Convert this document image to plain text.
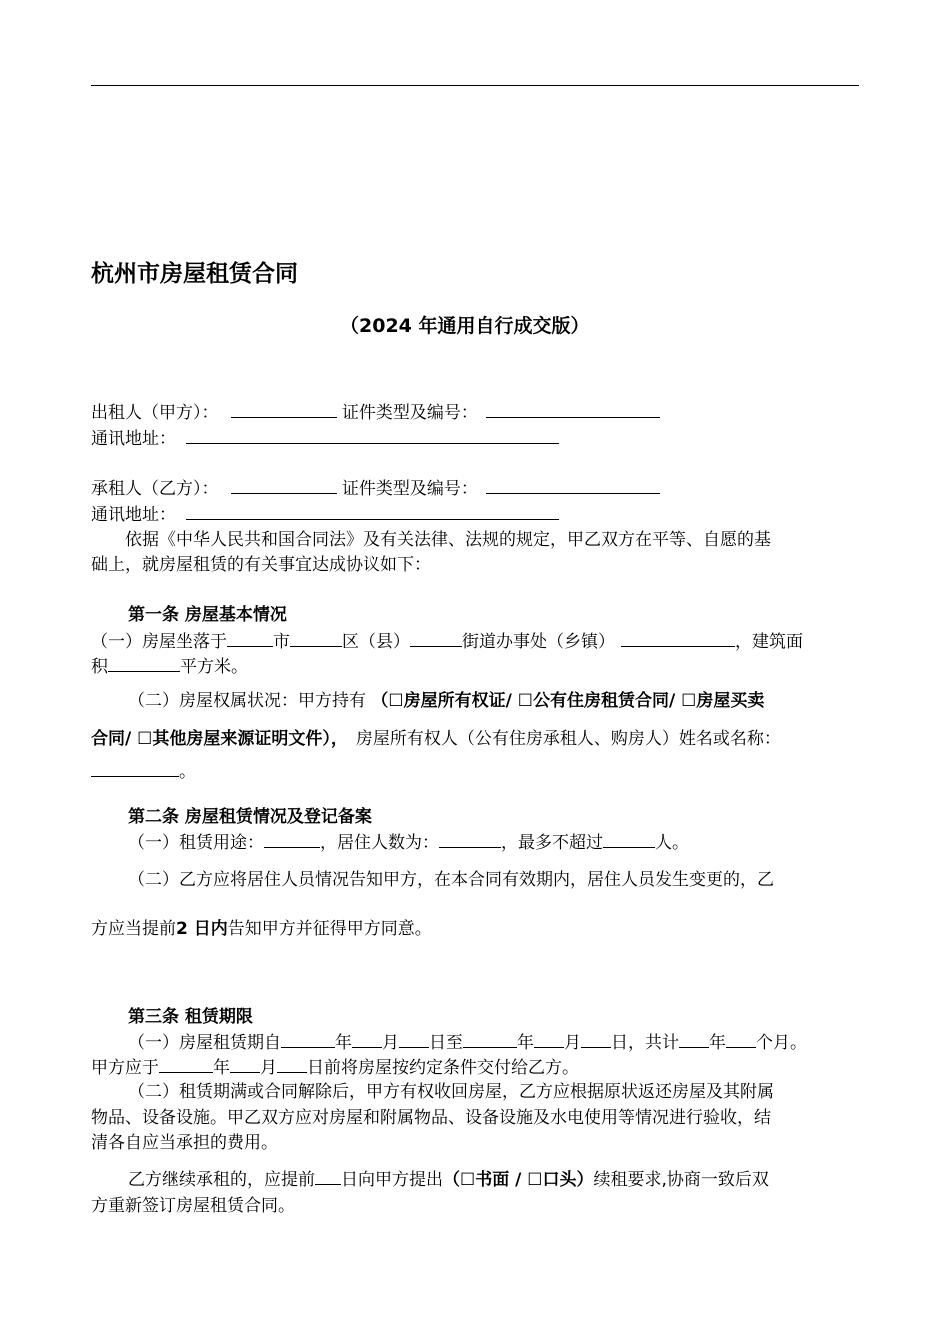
杭州市房屋租赁合同
（2024 年通用自行成交版）
出租人（甲方）：	证件类型及编号：
通讯地址：
承租人（乙方）：	证件类型及编号：
通讯地址：
依据《中华人民共和国合同法》及有关法律、法规的规定，甲乙双方在平等、自愿的基
础上，就房屋租赁的有关事宜达成协议如下：
第一条 房屋基本情况
（一）房屋坐落于	市	区（县）	街道办事处（乡镇）	，建筑面
积	平方米。
（二）房屋权属状况：甲方持有 （☐房屋所有权证/ ☐公有住房租赁合同/ ☐房屋买卖
合同/ ☐其他房屋来源证明文件）， 房屋所有权人（公有住房承租人、购房人）姓名或名称：
。
第二条 房屋租赁情况及登记备案
（一）租赁用途：	，居住人数为：	，最多不超过	人。
（二）乙方应将居住人员情况告知甲方，在本合同有效期内，居住人员发生变更的，乙
方应当提前2 日内告知甲方并征得甲方同意。
第三条 租赁期限
（一）房屋租赁期自	年 月 日至	年 月 日，共计 年 个月。
甲方应于	年 月 日前将房屋按约定条件交付给乙方。
（二）租赁期满或合同解除后，甲方有权收回房屋，乙方应根据原状返还房屋及其附属
物品、设备设施。甲乙双方应对房屋和附属物品、设备设施及水电使用等情况进行验收，结
清各自应当承担的费用。
乙方继续承租的，应提前 日向甲方提出（☐书面 / ☐口头）续租要求,协商一致后双
方重新签订房屋租赁合同。
